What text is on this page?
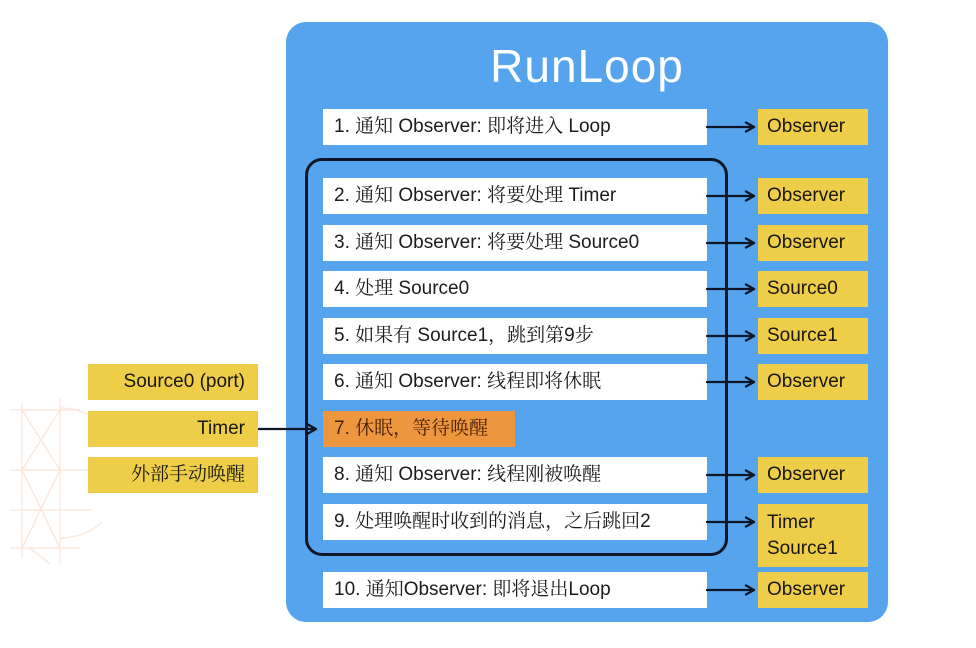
RunLoop
1. 通知 Observer: 即将进入 Loop
2. 通知 Observer: 将要处理 Timer
3. 通知 Observer: 将要处理 Source0
4. 处理 Source0
5. 如果有 Source1，跳到第9步
6. 通知 Observer: 线程即将休眠
7. 休眠，等待唤醒
8. 通知 Observer: 线程刚被唤醒
9. 处理唤醒时收到的消息，之后跳回2
10. 通知Observer: 即将退出Loop
Observer
Observer
Observer
Source0
Source1
Observer
Observer
Timer
Source1
Observer
Source0 (port)
Timer
外部手动唤醒
